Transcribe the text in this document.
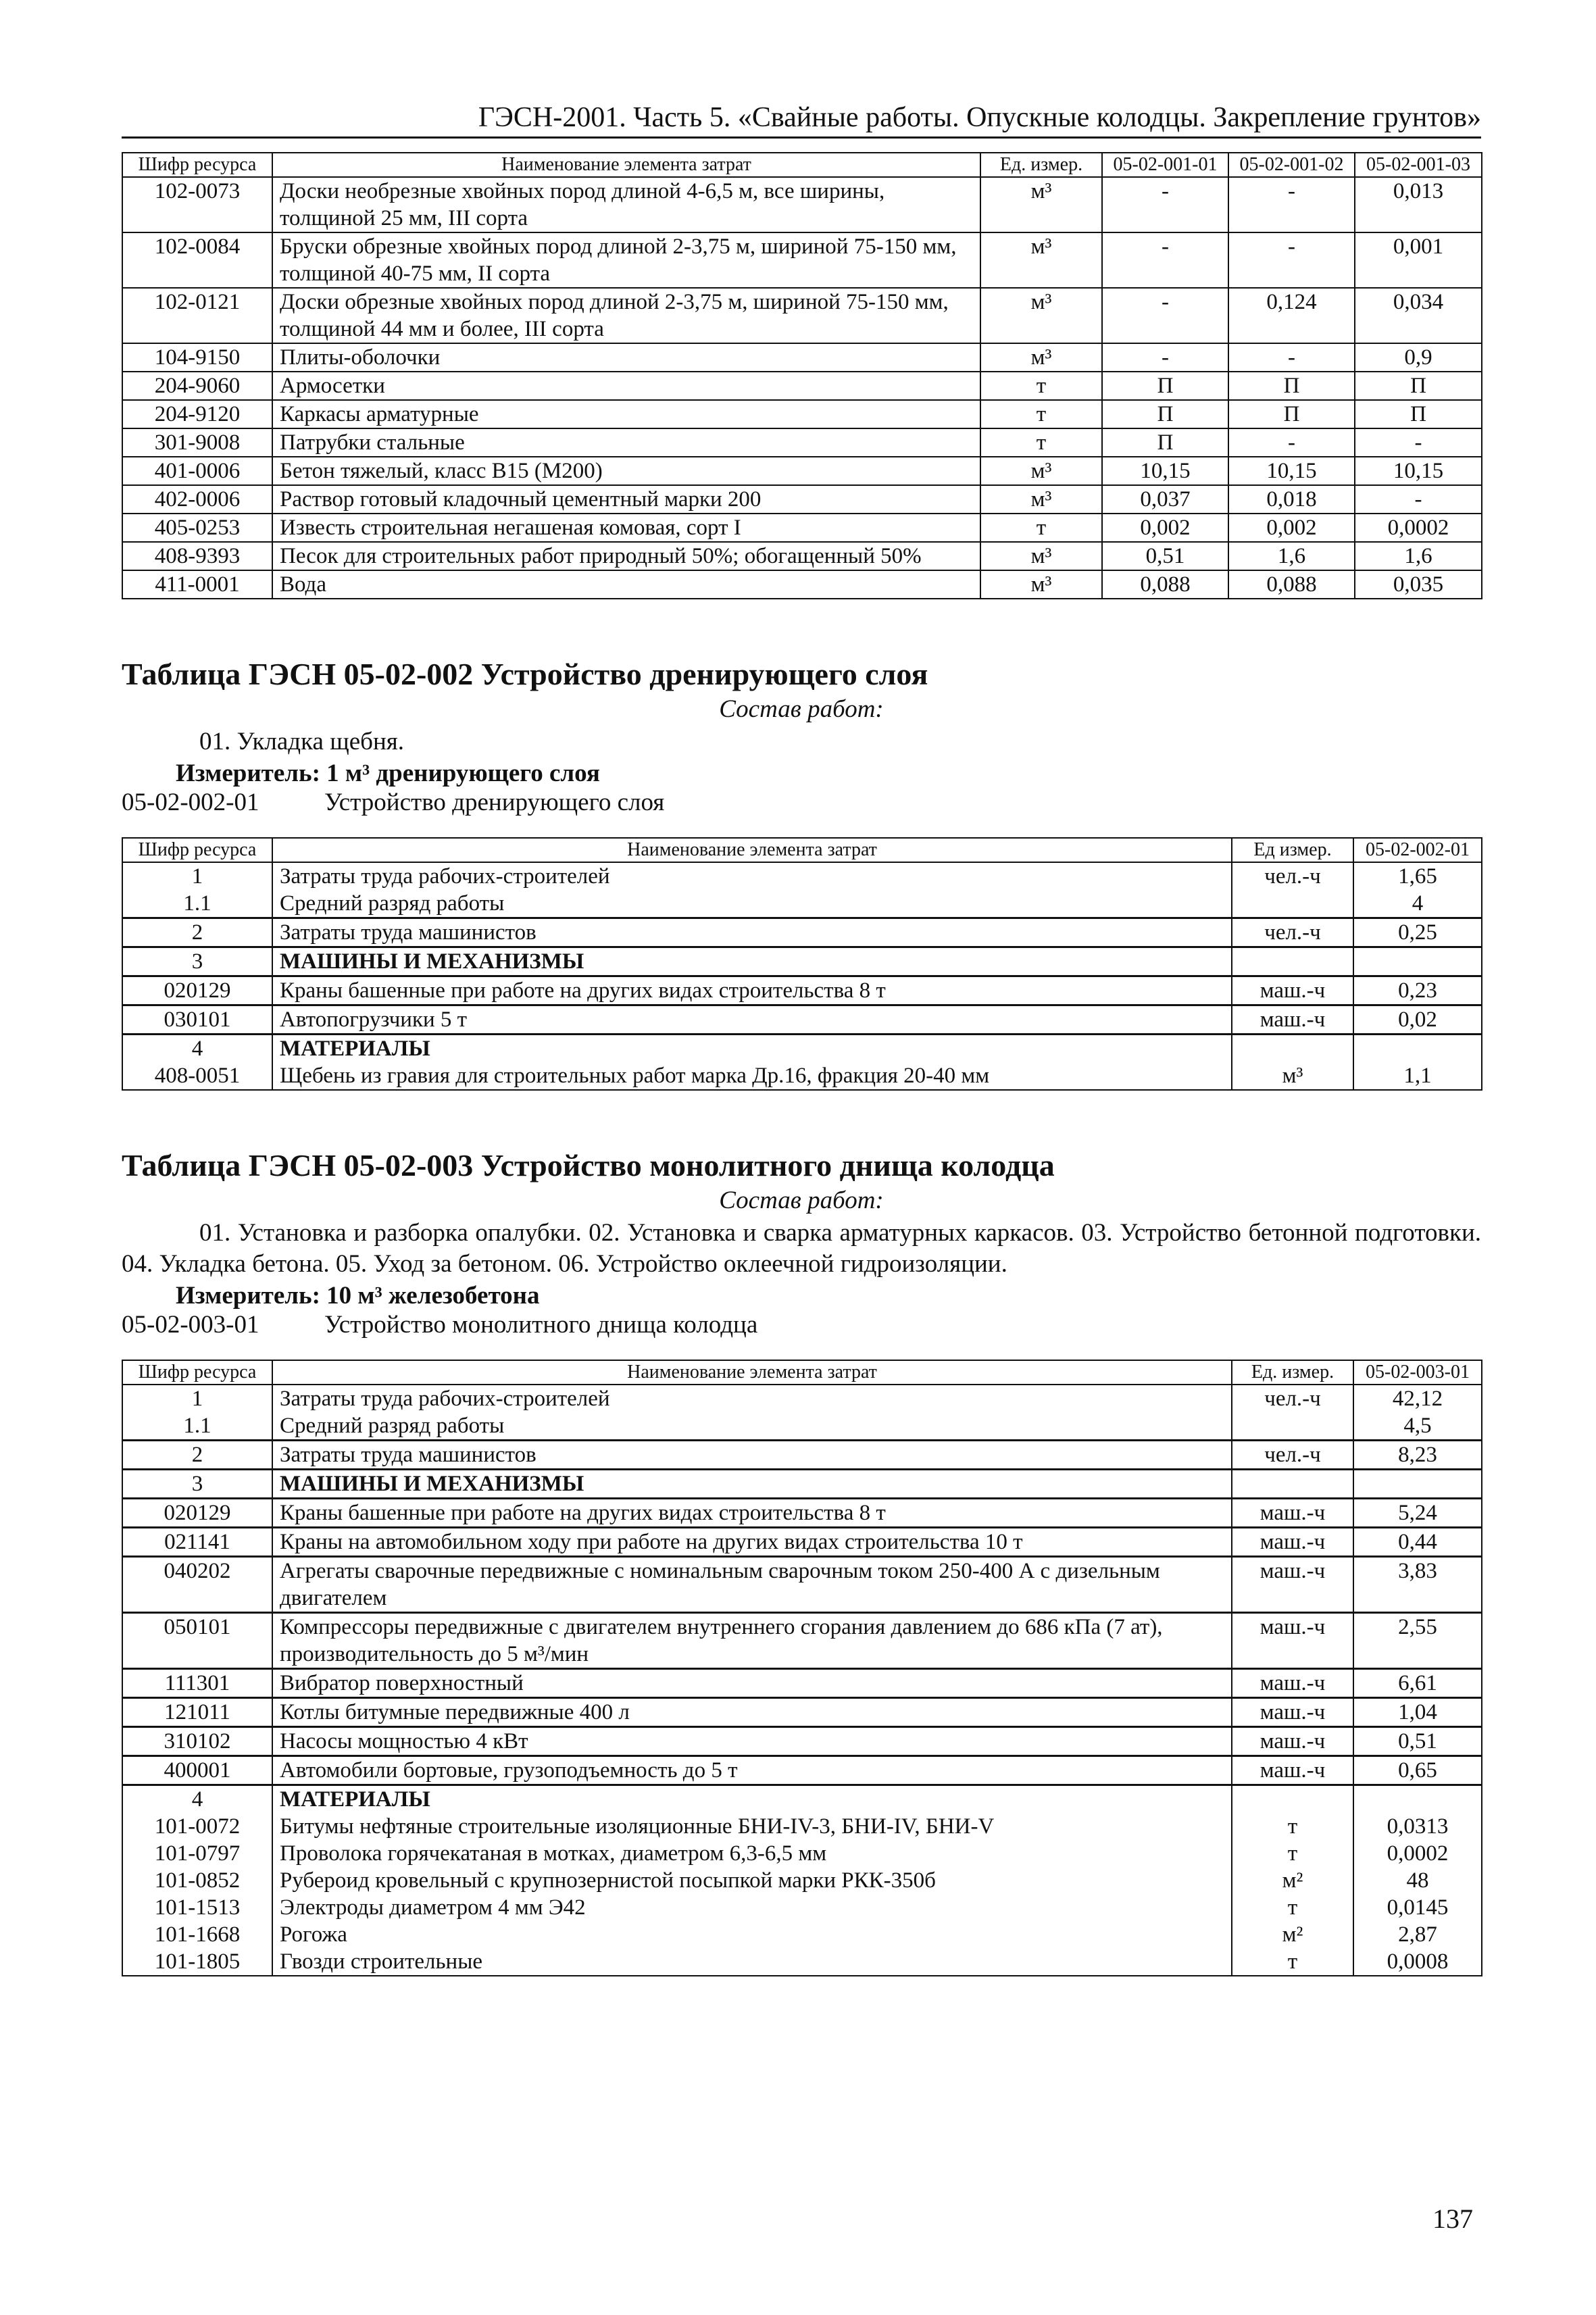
ГЭСН-2001. Часть 5. «Свайные работы. Опускные колодцы. Закрепление грунтов»
Шифр ресурса	Наименование элемента затрат	Ед. измер.	05-02-001-01	05-02-001-02	05-02-001-03
102-0073	Доски необрезные хвойных пород длиной 4-6,5 м, все ширины, толщиной 25 мм, III сорта	м³	-	-	0,013
102-0084	Бруски обрезные хвойных пород длиной 2-3,75 м, шириной 75-150 мм, толщиной 40-75 мм, II сорта	м³	-	-	0,001
102-0121	Доски обрезные хвойных пород длиной 2-3,75 м, шириной 75-150 мм, толщиной 44 мм и более, III сорта	м³	-	0,124	0,034
104-9150	Плиты-оболочки	м³	-	-	0,9
204-9060	Армосетки	т	П	П	П
204-9120	Каркасы арматурные	т	П	П	П
301-9008	Патрубки стальные	т	П	-	-
401-0006	Бетон тяжелый, класс В15 (М200)	м³	10,15	10,15	10,15
402-0006	Раствор готовый кладочный цементный марки 200	м³	0,037	0,018	-
405-0253	Известь строительная негашеная комовая, сорт I	т	0,002	0,002	0,0002
408-9393	Песок для строительных работ природный 50%; обогащенный 50%	м³	0,51	1,6	1,6
411-0001	Вода	м³	0,088	0,088	0,035
Таблица ГЭСН 05-02-002 Устройство дренирующего слоя
Состав работ:
01. Укладка щебня.
Измеритель: 1 м³ дренирующего слоя
05-02-002-01	Устройство дренирующего слоя
Шифр ресурса	Наименование элемента затрат	Ед измер.	05-02-002-01
1	Затраты труда рабочих-строителей	чел.-ч	1,65
1.1	Средний разряд работы		4
2	Затраты труда машинистов	чел.-ч	0,25
3	МАШИНЫ И МЕХАНИЗМЫ		
020129	Краны башенные при работе на других видах строительства 8 т	маш.-ч	0,23
030101	Автопогрузчики 5 т	маш.-ч	0,02
4	МАТЕРИАЛЫ		
408-0051	Щебень из гравия для строительных работ марка Др.16, фракция 20-40 мм	м³	1,1
Таблица ГЭСН 05-02-003 Устройство монолитного днища колодца
Состав работ:
01. Установка и разборка опалубки. 02. Установка и сварка арматурных каркасов. 03. Устройство бетонной подготовки. 04. Укладка бетона. 05. Уход за бетоном. 06. Устройство оклеечной гидроизоляции.
Измеритель: 10 м³ железобетона
05-02-003-01	Устройство монолитного днища колодца
Шифр ресурса	Наименование элемента затрат	Ед. измер.	05-02-003-01
1	Затраты труда рабочих-строителей	чел.-ч	42,12
1.1	Средний разряд работы		4,5
2	Затраты труда машинистов	чел.-ч	8,23
3	МАШИНЫ И МЕХАНИЗМЫ		
020129	Краны башенные при работе на других видах строительства 8 т	маш.-ч	5,24
021141	Краны на автомобильном ходу при работе на других видах строительства 10 т	маш.-ч	0,44
040202	Агрегаты сварочные передвижные с номинальным сварочным током 250-400 А с дизельным двигателем	маш.-ч	3,83
050101	Компрессоры передвижные с двигателем внутреннего сгорания давлением до 686 кПа (7 ат), производительность до 5 м³/мин	маш.-ч	2,55
111301	Вибратор поверхностный	маш.-ч	6,61
121011	Котлы битумные передвижные 400 л	маш.-ч	1,04
310102	Насосы мощностью 4 кВт	маш.-ч	0,51
400001	Автомобили бортовые, грузоподъемность до 5 т	маш.-ч	0,65
4	МАТЕРИАЛЫ		
101-0072	Битумы нефтяные строительные изоляционные БНИ-IV-3, БНИ-IV, БНИ-V	т	0,0313
101-0797	Проволока горячекатаная в мотках, диаметром 6,3-6,5 мм	т	0,0002
101-0852	Рубероид кровельный с крупнозернистой посыпкой марки РКК-350б	м²	48
101-1513	Электроды диаметром 4 мм Э42	т	0,0145
101-1668	Рогожа	м²	2,87
101-1805	Гвозди строительные	т	0,0008
137
